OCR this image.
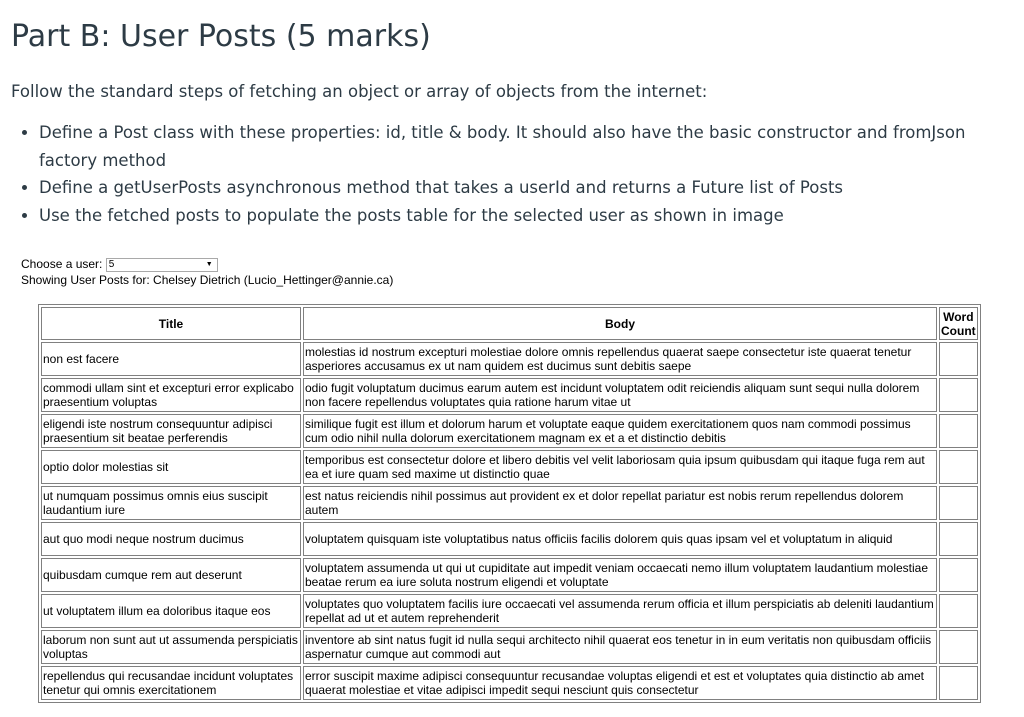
Part B: User Posts (5 marks)

Follow the standard steps of fetching an object or array of objects from the internet:

• Define a Post class with these properties: id, title & body. It should also have the basic constructor and fromJson factory method
• Define a getUserPosts asynchronous method that takes a userId and returns a Future list of Posts
• Use the fetched posts to populate the posts table for the selected user as shown in image
Choose a user: 5	▼
Showing User Posts for: Chelsey Dietrich (Lucio_Hettinger@annie.ca)
Title	Body	Word Count
non est facere	molestias id nostrum excepturi molestiae dolore omnis repellendus quaerat saepe consectetur iste quaerat tenetur asperiores accusamus ex ut nam quidem est ducimus sunt debitis saepe	
commodi ullam sint et excepturi error explicabo praesentium voluptas	odio fugit voluptatum ducimus earum autem est incidunt voluptatem odit reiciendis aliquam sunt sequi nulla dolorem non facere repellendus voluptates quia ratione harum vitae ut	
eligendi iste nostrum consequuntur adipisci praesentium sit beatae perferendis	similique fugit est illum et dolorum harum et voluptate eaque quidem exercitationem quos nam commodi possimus cum odio nihil nulla dolorum exercitationem magnam ex et a et distinctio debitis	
optio dolor molestias sit	temporibus est consectetur dolore et libero debitis vel velit laboriosam quia ipsum quibusdam qui itaque fuga rem aut ea et iure quam sed maxime ut distinctio quae	
ut numquam possimus omnis eius suscipit laudantium iure	est natus reiciendis nihil possimus aut provident ex et dolor repellat pariatur est nobis rerum repellendus dolorem autem	
aut quo modi neque nostrum ducimus	voluptatem quisquam iste voluptatibus natus officiis facilis dolorem quis quas ipsam vel et voluptatum in aliquid	
quibusdam cumque rem aut deserunt	voluptatem assumenda ut qui ut cupiditate aut impedit veniam occaecati nemo illum voluptatem laudantium molestiae beatae rerum ea iure soluta nostrum eligendi et voluptate	
ut voluptatem illum ea doloribus itaque eos	voluptates quo voluptatem facilis iure occaecati vel assumenda rerum officia et illum perspiciatis ab deleniti laudantium repellat ad ut et autem reprehenderit	
laborum non sunt aut ut assumenda perspiciatis voluptas	inventore ab sint natus fugit id nulla sequi architecto nihil quaerat eos tenetur in in eum veritatis non quibusdam officiis aspernatur cumque aut commodi aut	
repellendus qui recusandae incidunt voluptates tenetur qui omnis exercitationem	error suscipit maxime adipisci consequuntur recusandae voluptas eligendi et est et voluptates quia distinctio ab amet quaerat molestiae et vitae adipisci impedit sequi nesciunt quis consectetur	
